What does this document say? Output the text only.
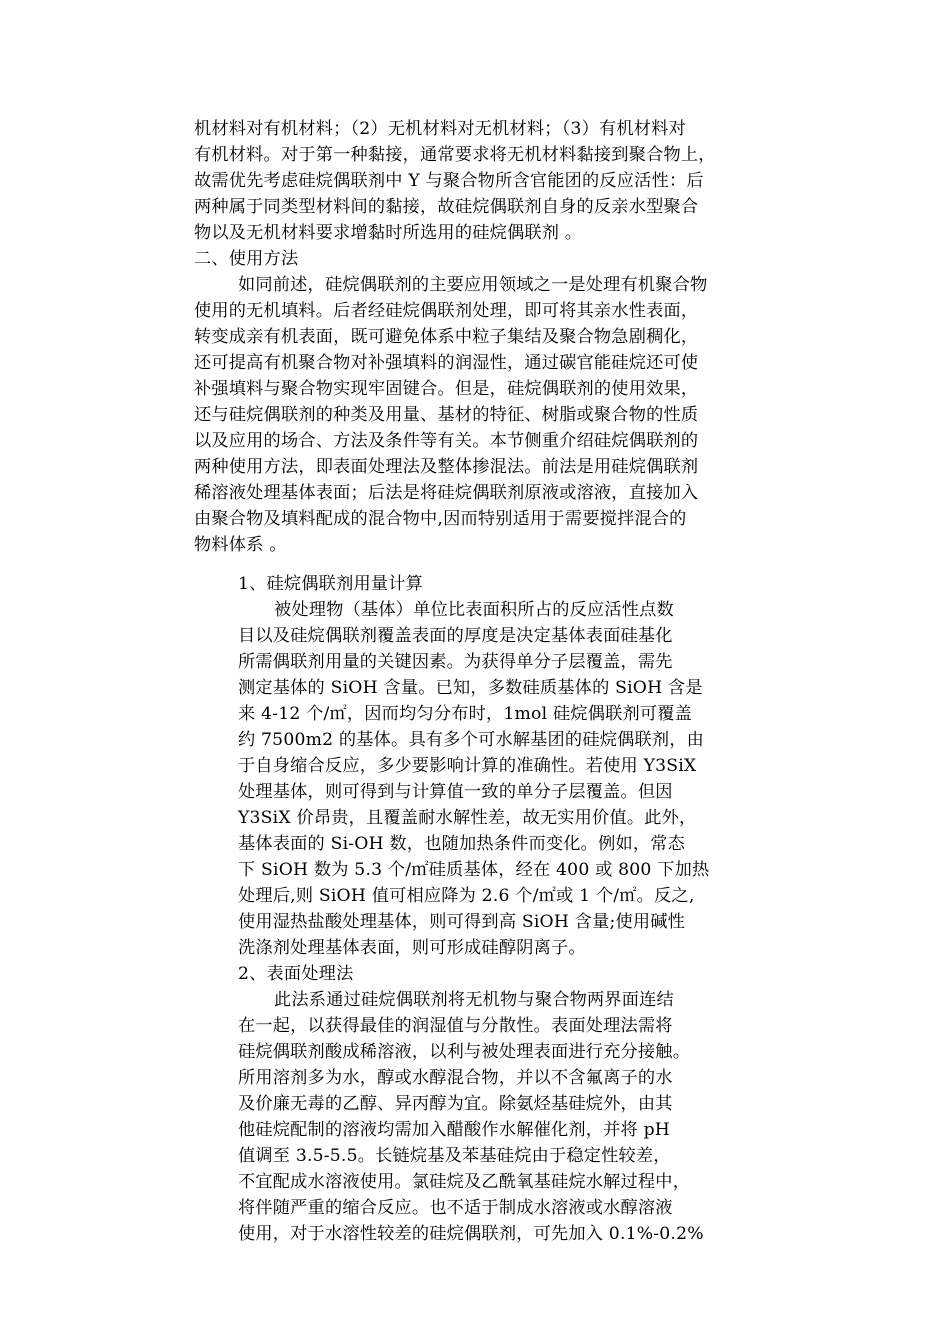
机材料对有机材料；（2）无机材料对无机材料；（3）有机材料对
有机材料。对于第一种黏接，通常要求将无机材料黏接到聚合物上，
故需优先考虑硅烷偶联剂中 Y 与聚合物所含官能团的反应活性：后
两种属于同类型材料间的黏接，故硅烷偶联剂自身的反亲水型聚合
物以及无机材料要求增黏时所选用的硅烷偶联剂 。
二、使用方法
如同前述，硅烷偶联剂的主要应用领域之一是处理有机聚合物
使用的无机填料。后者经硅烷偶联剂处理，即可将其亲水性表面，
转变成亲有机表面，既可避免体系中粒子集结及聚合物急剧稠化，
还可提高有机聚合物对补强填料的润湿性，通过碳官能硅烷还可使
补强填料与聚合物实现牢固键合。但是，硅烷偶联剂的使用效果，
还与硅烷偶联剂的种类及用量、基材的特征、树脂或聚合物的性质
以及应用的场合、方法及条件等有关。本节侧重介绍硅烷偶联剂的
两种使用方法，即表面处理法及整体掺混法。前法是用硅烷偶联剂
稀溶液处理基体表面；后法是将硅烷偶联剂原液或溶液，直接加入
由聚合物及填料配成的混合物中,因而特别适用于需要搅拌混合的
物料体系 。
1、硅烷偶联剂用量计算
被处理物（基体）单位比表面积所占的反应活性点数
目以及硅烷偶联剂覆盖表面的厚度是决定基体表面硅基化
所需偶联剂用量的关键因素。为获得单分子层覆盖，需先
测定基体的 SiOH 含量。已知，多数硅质基体的 SiOH 含是
来 4-12 个/㎡，因而均匀分布时，1mol 硅烷偶联剂可覆盖
约 7500m2 的基体。具有多个可水解基团的硅烷偶联剂，由
于自身缩合反应，多少要影响计算的准确性。若使用 Y3SiX
处理基体，则可得到与计算值一致的单分子层覆盖。但因
Y3SiX 价昂贵，且覆盖耐水解性差，故无实用价值。此外，
基体表面的 Si-OH 数，也随加热条件而变化。例如，常态
下 SiOH 数为 5.3 个/㎡硅质基体，经在 400 或 800 下加热
处理后,则 SiOH 值可相应降为 2.6 个/㎡或 1 个/㎡。反之,
使用湿热盐酸处理基体，则可得到高 SiOH 含量;使用碱性
洗涤剂处理基体表面，则可形成硅醇阴离子。
2、表面处理法
此法系通过硅烷偶联剂将无机物与聚合物两界面连结
在一起，以获得最佳的润湿值与分散性。表面处理法需将
硅烷偶联剂酸成稀溶液，以利与被处理表面进行充分接触。
所用溶剂多为水，醇或水醇混合物，并以不含氟离子的水
及价廉无毒的乙醇、异丙醇为宜。除氨烃基硅烷外，由其
他硅烷配制的溶液均需加入醋酸作水解催化剂，并将 pH
值调至 3.5-5.5。长链烷基及苯基硅烷由于稳定性较差，
不宜配成水溶液使用。氯硅烷及乙酰氧基硅烷水解过程中，
将伴随严重的缩合反应。也不适于制成水溶液或水醇溶液
使用，对于水溶性较差的硅烷偶联剂，可先加入 0.1%-0.2%
